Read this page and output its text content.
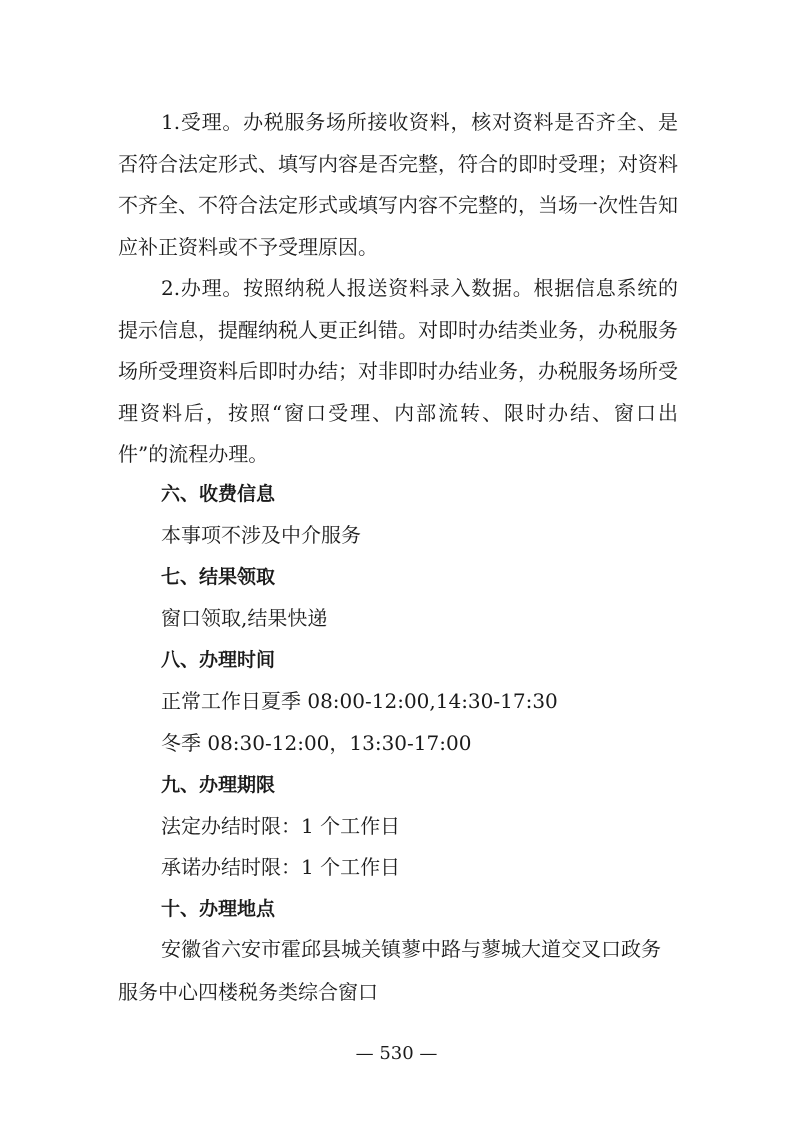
1.受理。办税服务场所接收资料，核对资料是否齐全、是否符合法定形式、填写内容是否完整，符合的即时受理；对资料不齐全、不符合法定形式或填写内容不完整的，当场一次性告知应补正资料或不予受理原因。

2.办理。按照纳税人报送资料录入数据。根据信息系统的提示信息，提醒纳税人更正纠错。对即时办结类业务，办税服务场所受理资料后即时办结；对非即时办结业务，办税服务场所受理资料后，按照“窗口受理、内部流转、限时办结、窗口出件”的流程办理。

六、收费信息

本事项不涉及中介服务

七、结果领取

窗口领取,结果快递

八、办理时间

正常工作日夏季 08:00-12:00,14:30-17:30

冬季 08:30-12:00，13:30-17:00

九、办理期限

法定办结时限：1 个工作日

承诺办结时限：1 个工作日

十、办理地点

安徽省六安市霍邱县城关镇蓼中路与蓼城大道交叉口政务服务中心四楼税务类综合窗口

— 530 —
